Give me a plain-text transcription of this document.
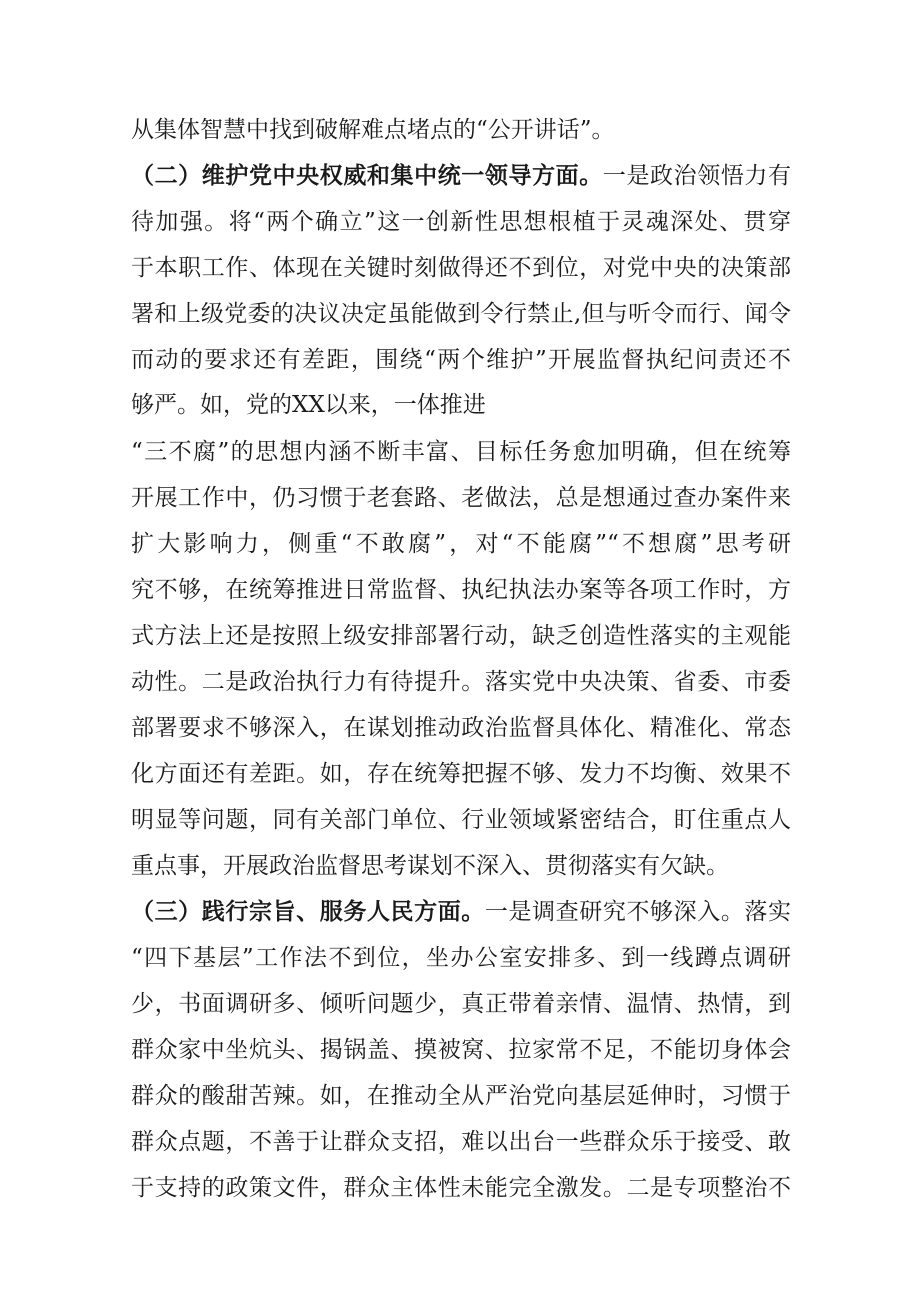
从集体智慧中找到破解难点堵点的“公开讲话”。
（二）维护党中央权威和集中统一领导方面。一是政治领悟力有
待加强。将“两个确立”这一创新性思想根植于灵魂深处、贯穿
于本职工作、体现在关键时刻做得还不到位，对党中央的决策部
署和上级党委的决议决定虽能做到令行禁止,但与听令而行、闻令
而动的要求还有差距，围绕“两个维护”开展监督执纪问责还不
够严。如，党的XX以来，一体推进
“三不腐”的思想内涵不断丰富、目标任务愈加明确，但在统筹
开展工作中，仍习惯于老套路、老做法，总是想通过查办案件来
扩大影响力，侧重“不敢腐”，对“不能腐”“不想腐”思考研
究不够，在统筹推进日常监督、执纪执法办案等各项工作时，方
式方法上还是按照上级安排部署行动，缺乏创造性落实的主观能
动性。二是政治执行力有待提升。落实党中央决策、省委、市委
部署要求不够深入，在谋划推动政治监督具体化、精准化、常态
化方面还有差距。如，存在统筹把握不够、发力不均衡、效果不
明显等问题，同有关部门单位、行业领域紧密结合，盯住重点人
重点事，开展政治监督思考谋划不深入、贯彻落实有欠缺。
（三）践行宗旨、服务人民方面。一是调查研究不够深入。落实
“四下基层”工作法不到位，坐办公室安排多、到一线蹲点调研
少，书面调研多、倾听问题少，真正带着亲情、温情、热情，到
群众家中坐炕头、揭锅盖、摸被窝、拉家常不足，不能切身体会
群众的酸甜苦辣。如，在推动全从严治党向基层延伸时，习惯于
群众点题，不善于让群众支招，难以出台一些群众乐于接受、敢
于支持的政策文件，群众主体性未能完全激发。二是专项整治不
